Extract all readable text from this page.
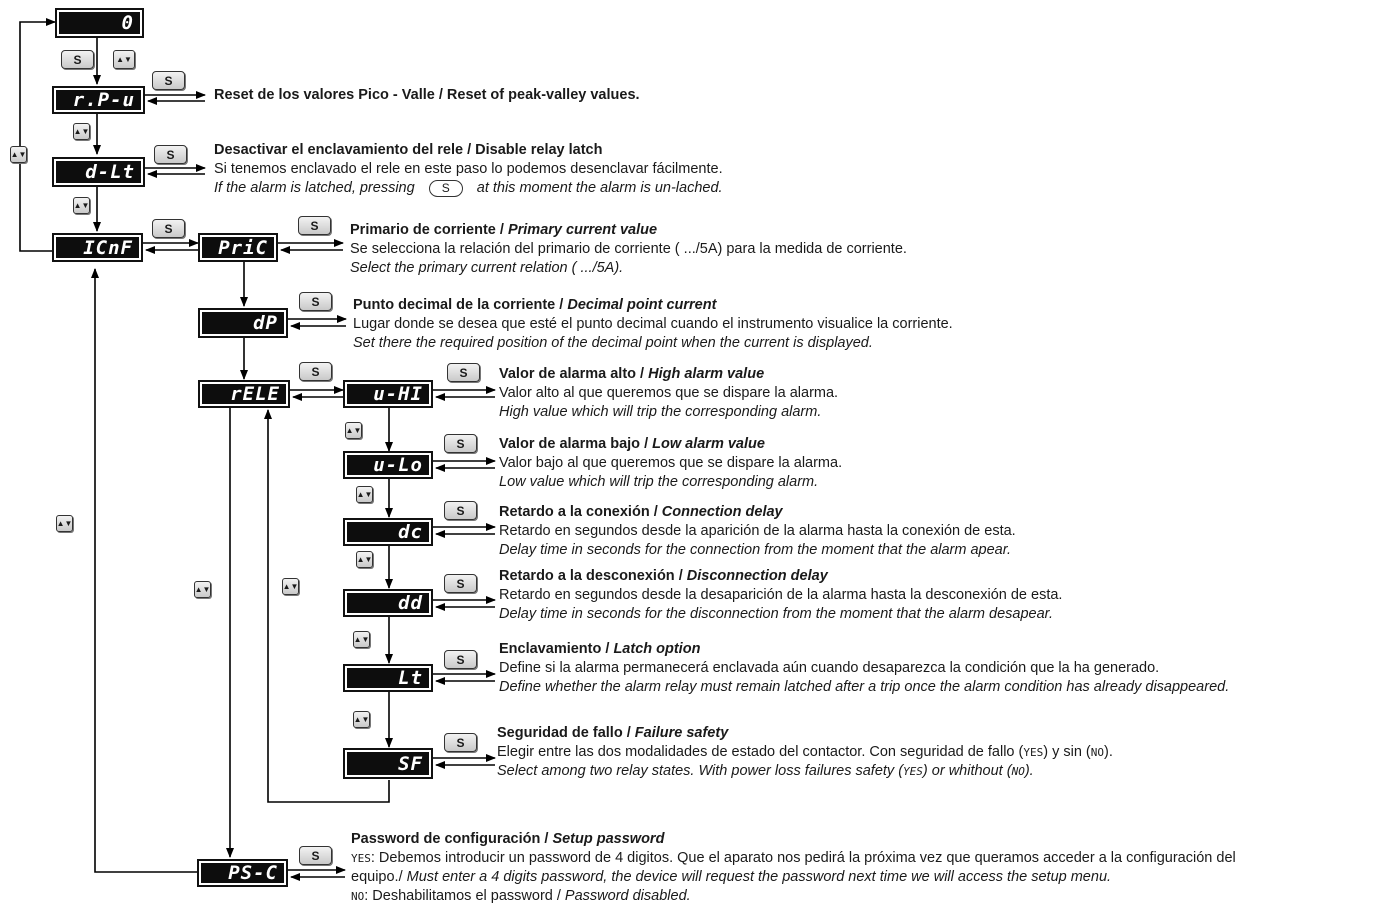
0
r.P-u
d-Lt
ICnF	PriC
dP
rELE	u-HI
u-Lo
dc
dd
Lt
SF
PS-C
S
S
S
S	S
S
S	S
S
S
S
S
S
S
▲▼
▲▼
▲▼
▲▼
▲▼
▲▼	▲▼
▲▼
▲▼
▲▼
▲▼
▲▼
Reset de los valores Pico - Valle / Reset of peak-valley values.
Desactivar el enclavamiento del rele / Disable relay latch
Si tenemos enclavado el rele en este paso lo podemos desenclavar fácilmente.
If the alarm is latched, pressing S at this moment the alarm is un-lached.
Primario de corriente / Primary current value
Se selecciona la relación del primario de corriente ( .../5A) para la medida de corriente.
Select the primary current relation ( .../5A).
Punto decimal de la corriente / Decimal point current
Lugar donde se desea que esté el punto decimal cuando el instrumento visualice la corriente.
Set there the required position of the decimal point when the current is displayed.
Valor de alarma alto / High alarm value
Valor alto al que queremos que se dispare la alarma.
High value which will trip the corresponding alarm.
Valor de alarma bajo / Low alarm value
Valor bajo al que queremos que se dispare la alarma.
Low value which will trip the corresponding alarm.
Retardo a la conexión / Connection delay
Retardo en segundos desde la aparición de la alarma hasta la conexión de esta.
Delay time in seconds for the connection from the moment that the alarm apear.
Retardo a la desconexión / Disconnection delay
Retardo en segundos desde la desaparición de la alarma hasta la desconexión de esta.
Delay time in seconds for the disconnection from the moment that the alarm desapear.
Enclavamiento / Latch option
Define si la alarma permanecerá enclavada aún cuando desaparezca la condición que la ha generado.
Define whether the alarm relay must remain latched after a trip once the alarm condition has already disappeared.
Seguridad de fallo / Failure safety
Elegir entre las dos modalidades de estado del contactor. Con seguridad de fallo (YES) y sin (NO).
Select among two relay states. With power loss failures safety (YES) or whithout (NO).
Password de configuración / Setup password
YES: Debemos introducir un password de 4 digitos. Que el aparato nos pedirá la próxima vez que queramos acceder a la configuración del
equipo./ Must enter a 4 digits password, the device will request the password next time we will access the setup menu.
NO: Deshabilitamos el password / Password disabled.
